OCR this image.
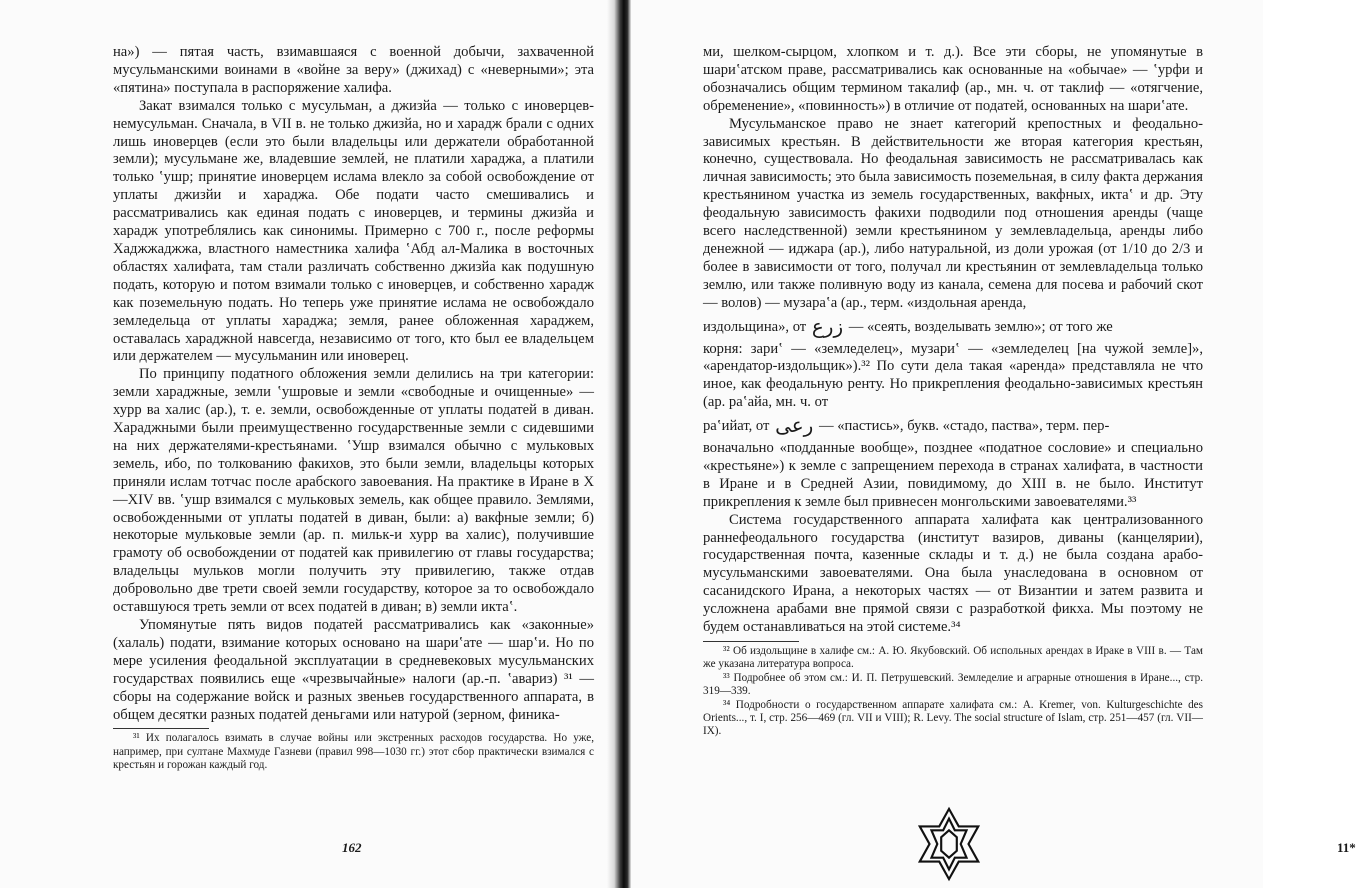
на») — пятая часть, взимавшаяся с военной добычи, захваченной мусульманскими воинами в «войне за веру» (джихад) с «неверными»; эта «пятина» поступала в распоряжение халифа.

Закат взимался только с мусульман, а джизйа — только с иноверцев-немусульман. Сначала, в VII в. не только джизйа, но и харадж брали с одних лишь иноверцев (если это были владельцы или держатели обработанной земли); мусульмане же, владевшие землей, не платили хараджа, а платили только ʽушр; принятие иноверцем ислама влекло за собой освобождение от уплаты джизйи и хараджа. Обе подати часто смешивались и рассматривались как единая подать с иноверцев, и термины джизйа и харадж употреблялись как синонимы. Примерно с 700 г., после реформы Хаджжаджжа, властного наместника халифа ʽАбд ал-Малика в восточных областях халифата, там стали различать собственно джизйа как подушную подать, которую и потом взимали только с иноверцев, и собственно харадж как поземельную подать. Но теперь уже принятие ислама не освобождало земледельца от уплаты хараджа; земля, ранее обложенная хараджем, оставалась хараджной навсегда, независимо от того, кто был ее владельцем или держателем — мусульманин или иноверец.

По принципу податного обложения земли делились на три категории: земли хараджные, земли ʽушровые и земли «свободные и очищенные» — хурр ва халис (ар.), т. е. земли, освобожденные от уплаты податей в диван. Хараджными были преимущественно государственные земли с сидевшими на них держателями-крестьянами. ʽУшр взимался обычно с мульковых земель, ибо, по толкованию факихов, это были земли, владельцы которых приняли ислам тотчас после арабского завоевания. На практике в Иране в X—XIV вв. ʽушр взимался с мульковых земель, как общее правило. Землями, освобожденными от уплаты податей в диван, были: а) вакфные земли; б) некоторые мульковые земли (ар. п. мильк-и хурр ва халис), получившие грамоту об освобождении от податей как привилегию от главы государства; владельцы мульков могли получить эту привилегию, также отдав добровольно две трети своей земли государству, которое за то освобождало оставшуюся треть земли от всех податей в диван; в) земли иктаʽ.

Упомянутые пять видов податей рассматривались как «законные» (халаль) подати, взимание которых основано на шариʽате — шарʽи. Но по мере усиления феодальной эксплуатации в средневековых мусульманских государствах появились еще «чрезвычайные» налоги (ар.-п. ʽавариз) ³¹ — сборы на содержание войск и разных звеньев государственного аппарата, в общем десятки разных податей деньгами или натурой (зерном, финика-

³¹ Их полагалось взимать в случае войны или экстренных расходов государства. Но уже, например, при султане Махмуде Газневи (правил 998—1030 гг.) этот сбор практически взимался с крестьян и горожан каждый год.

162

ми, шелком-сырцом, хлопком и т. д.). Все эти сборы, не упомянутые в шариʽатском праве, рассматривались как основанные на «обычае» — ʽурфи и обозначались общим термином такалиф (ар., мн. ч. от таклиф — «отягчение, обременение», «повинность») в отличие от податей, основанных на шариʽате.

Мусульманское право не знает категорий крепостных и феодально-зависимых крестьян. В действительности же вторая категория крестьян, конечно, существовала. Но феодальная зависимость не рассматривалась как личная зависимость; это была зависимость поземельная, в силу факта держания крестьянином участка из земель государственных, вакфных, иктаʽ и др. Эту феодальную зависимость факихи подводили под отношения аренды (чаще всего наследственной) земли крестьянином у землевладельца, аренды либо денежной — иджара (ар.), либо натуральной, из доли урожая (от 1/10 до 2/3 и более в зависимости от того, получал ли крестьянин от землевладельца только землю, или также поливную воду из канала, семена для посева и рабочий скот — волов) — музараʽа (ар., терм. «издольная аренда,

издольщина», от زرع — «сеять, возделывать землю»; от того же

корня: зариʽ — «земледелец», музариʽ — «земледелец [на чужой земле]», «арендатор-издольщик»).³² По сути дела такая «аренда» представляла не что иное, как феодальную ренту. Но прикрепления феодально-зависимых крестьян (ар. раʽайа, мн. ч. от

раʽийат, от رعى — «пастись», букв. «стадо, паства», терм. пер-

воначально «подданные вообще», позднее «податное сословие» и специально «крестьяне») к земле с запрещением перехода в странах халифата, в частности в Иране и в Средней Азии, повидимому, до XIII в. не было. Институт прикрепления к земле был привнесен монгольскими завоевателями.³³

Система государственного аппарата халифата как централизованного раннефеодального государства (институт вазиров, диваны (канцелярии), государственная почта, казенные склады и т. д.) не была создана арабо-мусульманскими завоевателями. Она была унаследована в основном от сасанидского Ирана, а некоторых частях — от Византии и затем развита и усложнена арабами вне прямой связи с разработкой фикха. Мы поэтому не будем останавливаться на этой системе.³⁴

³² Об издольщине в халифе см.: А. Ю. Якубовский. Об испольных арендах в Ираке в VIII в. — Там же указана литература вопроса.

³³ Подробнее об этом см.: И. П. Петрушевский. Земледелие и аграрные отношения в Иране..., стр. 319—339.

³⁴ Подробности о государственном аппарате халифата см.: A. Kremer, von. Kulturgeschichte des Orients..., т. I, стр. 256—469 (гл. VII и VIII); R. Levy. The social structure of Islam, стр. 251—457 (гл. VII—IX).

11*
